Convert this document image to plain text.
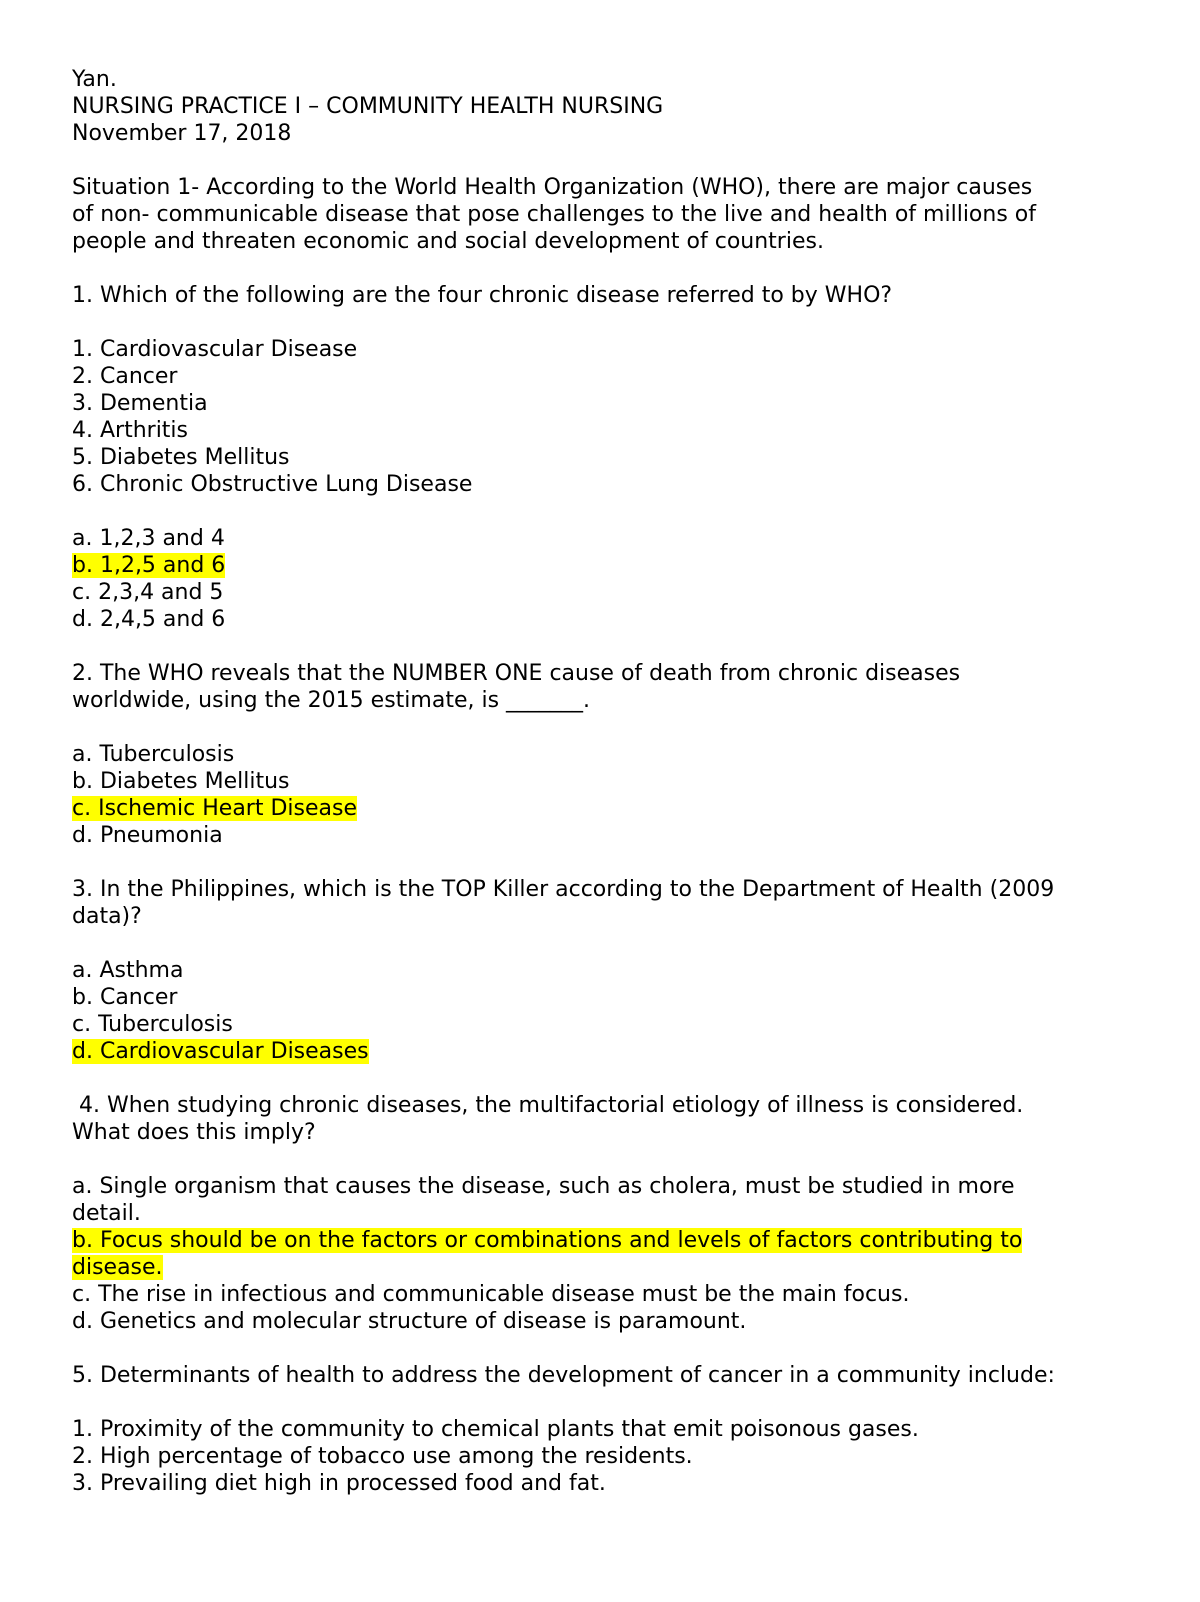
Yan.
NURSING PRACTICE I – COMMUNITY HEALTH NURSING
November 17, 2018
Situation 1- According to the World Health Organization (WHO), there are major causes
of non- communicable disease that pose challenges to the live and health of millions of
people and threaten economic and social development of countries.
1. Which of the following are the four chronic disease referred to by WHO?
1. Cardiovascular Disease
2. Cancer
3. Dementia
4. Arthritis
5. Diabetes Mellitus
6. Chronic Obstructive Lung Disease
a. 1,2,3 and 4
b. 1,2,5 and 6
c. 2,3,4 and 5
d. 2,4,5 and 6
2. The WHO reveals that the NUMBER ONE cause of death from chronic diseases
worldwide, using the 2015 estimate, is _______.
a. Tuberculosis
b. Diabetes Mellitus
c. Ischemic Heart Disease
d. Pneumonia
3. In the Philippines, which is the TOP Killer according to the Department of Health (2009
data)?
a. Asthma
b. Cancer
c. Tuberculosis
d. Cardiovascular Diseases
4. When studying chronic diseases, the multifactorial etiology of illness is considered.
What does this imply?
a. Single organism that causes the disease, such as cholera, must be studied in more
detail.
b. Focus should be on the factors or combinations and levels of factors contributing to
disease.
c. The rise in infectious and communicable disease must be the main focus.
d. Genetics and molecular structure of disease is paramount.
5. Determinants of health to address the development of cancer in a community include:
1. Proximity of the community to chemical plants that emit poisonous gases.
2. High percentage of tobacco use among the residents.
3. Prevailing diet high in processed food and fat.
